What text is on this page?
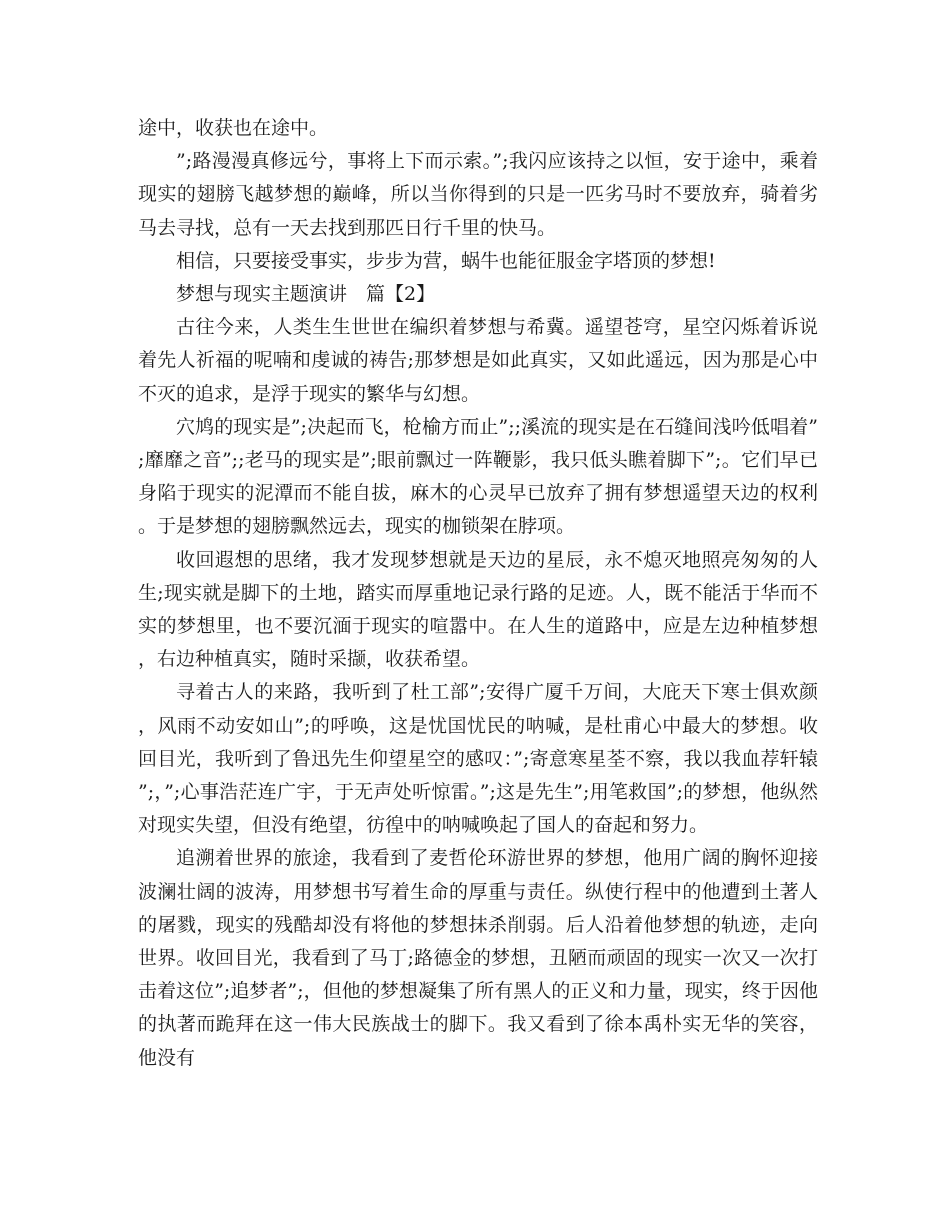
途中，收获也在途中。

”;路漫漫真修远兮，事将上下而示索。”;我闪应该持之以恒，安于途中，乘着现实的翅膀飞越梦想的巅峰，所以当你得到的只是一匹劣马时不要放弃，骑着劣马去寻找，总有一天去找到那匹日行千里的快马。

相信，只要接受事实，步步为营，蜗牛也能征服金字塔顶的梦想!

梦想与现实主题演讲　篇【2】

古往今来，人类生生世世在编织着梦想与希冀。遥望苍穹，星空闪烁着诉说着先人祈福的呢喃和虔诚的祷告;那梦想是如此真实，又如此遥远，因为那是心中不灭的追求，是浮于现实的繁华与幻想。

穴鸠的现实是”;决起而飞，枪榆方而止”;;溪流的现实是在石缝间浅吟低唱着”;靡靡之音”;;老马的现实是”;眼前飘过一阵鞭影，我只低头瞧着脚下”;。它们早已身陷于现实的泥潭而不能自拔，麻木的心灵早已放弃了拥有梦想遥望天边的权利。于是梦想的翅膀飘然远去，现实的枷锁架在脖项。

收回遐想的思绪，我才发现梦想就是天边的星辰，永不熄灭地照亮匆匆的人生;现实就是脚下的土地，踏实而厚重地记录行路的足迹。人，既不能活于华而不实的梦想里，也不要沉湎于现实的喧嚣中。在人生的道路中，应是左边种植梦想，右边种植真实，随时采撷，收获希望。

寻着古人的来路，我听到了杜工部”;安得广厦千万间，大庇天下寒士俱欢颜，风雨不动安如山”;的呼唤，这是忧国忧民的呐喊，是杜甫心中最大的梦想。收回目光，我听到了鲁迅先生仰望星空的感叹：”;寄意寒星荃不察，我以我血荐轩辕”;，”;心事浩茫连广宇，于无声处听惊雷。”;这是先生”;用笔救国”;的梦想，他纵然对现实失望，但没有绝望，彷徨中的呐喊唤起了国人的奋起和努力。

追溯着世界的旅途，我看到了麦哲伦环游世界的梦想，他用广阔的胸怀迎接波澜壮阔的波涛，用梦想书写着生命的厚重与责任。纵使行程中的他遭到土著人的屠戮，现实的残酷却没有将他的梦想抹杀削弱。后人沿着他梦想的轨迹，走向世界。收回目光，我看到了马丁;路德金的梦想，丑陋而顽固的现实一次又一次打击着这位”;追梦者”;，但他的梦想凝集了所有黑人的正义和力量，现实，终于因他的执著而跪拜在这一伟大民族战士的脚下。我又看到了徐本禹朴实无华的笑容，他没有
